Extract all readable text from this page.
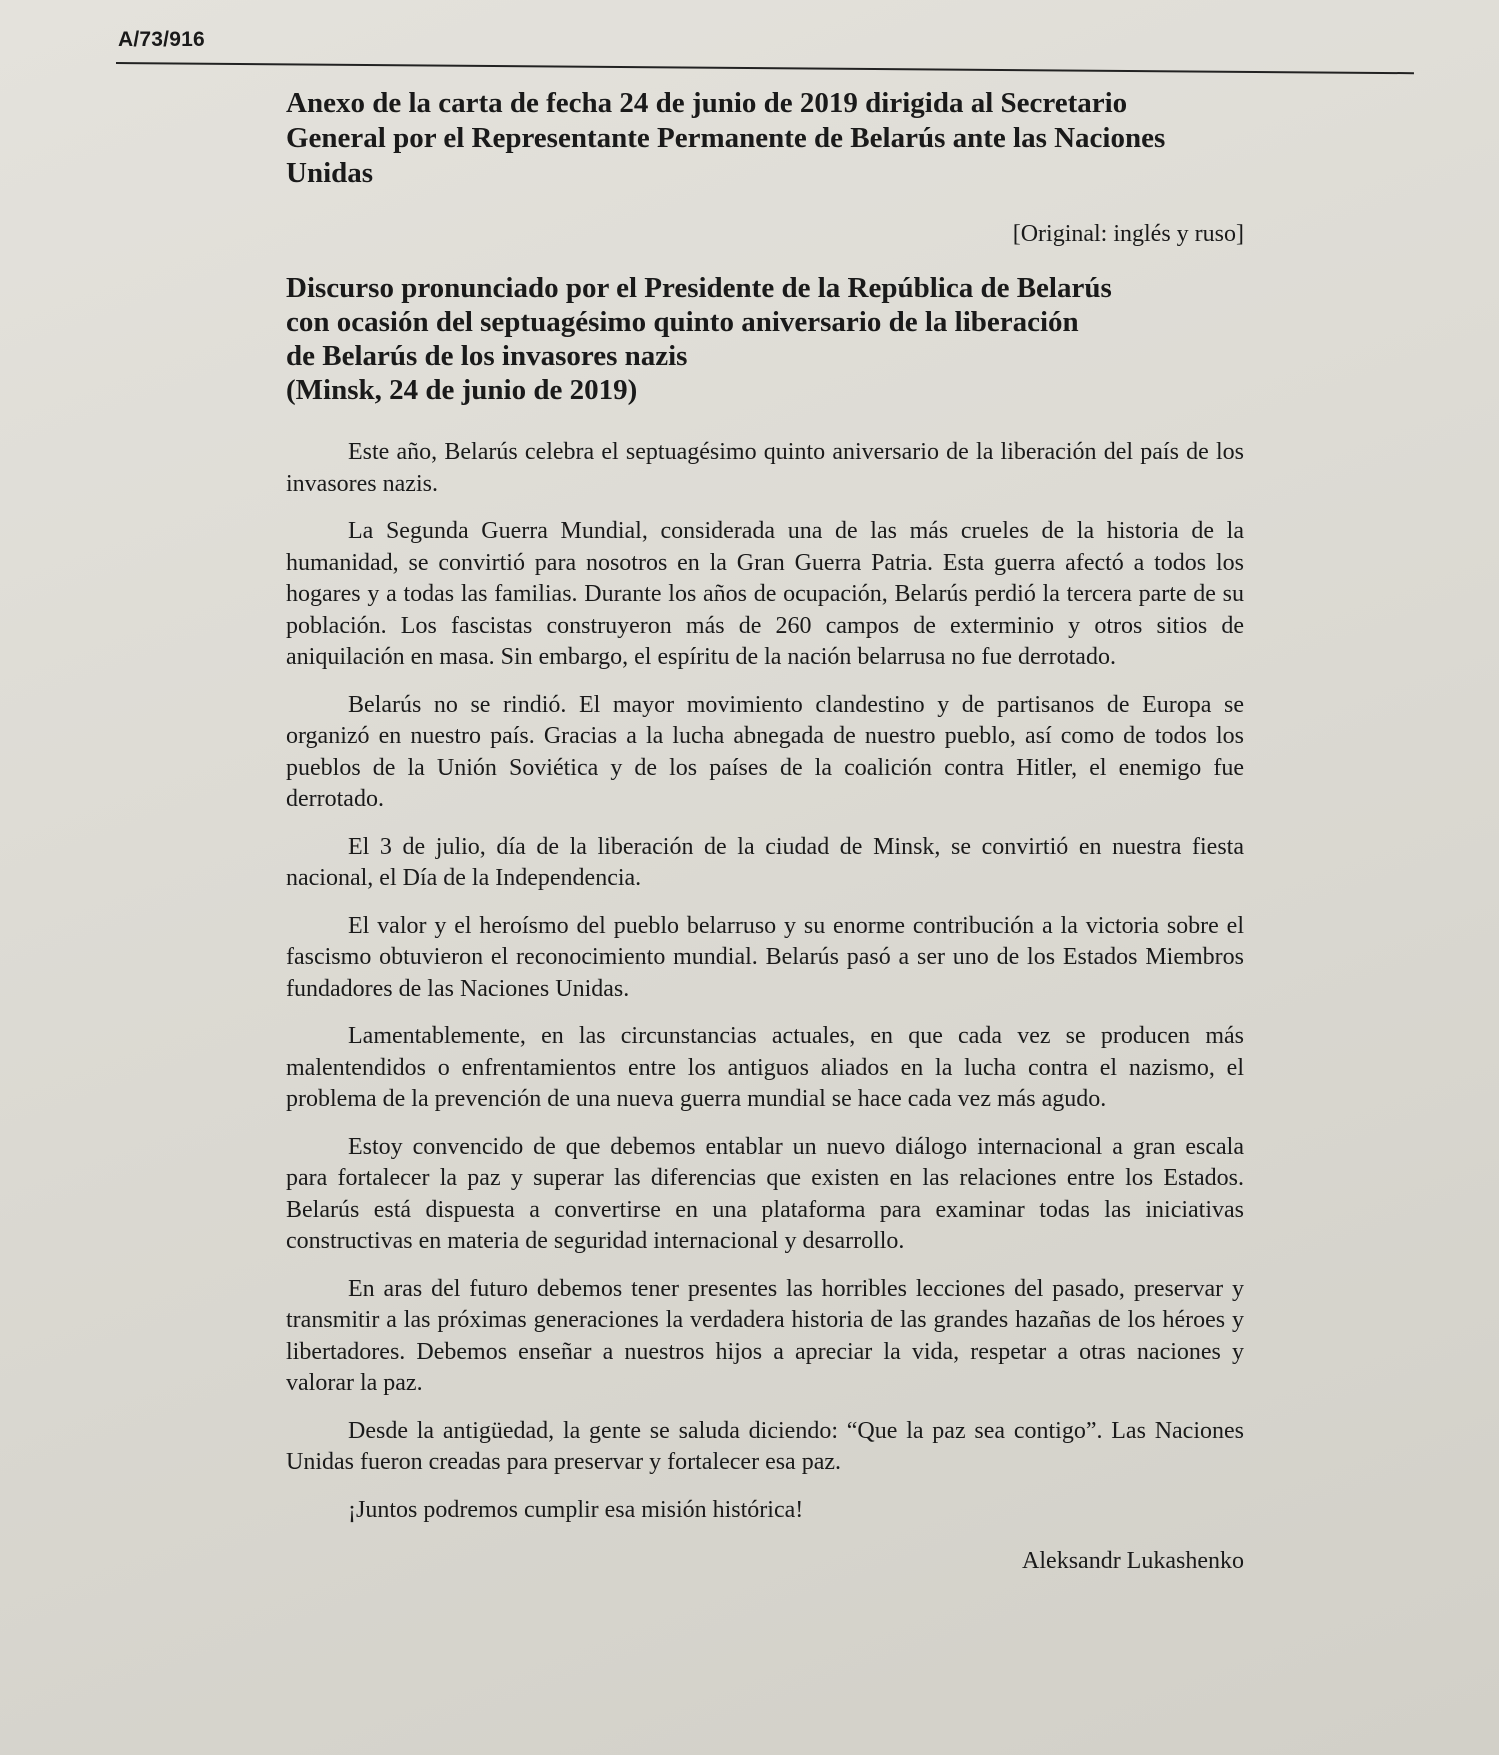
A/73/916
Anexo de la carta de fecha 24 de junio de 2019 dirigida al Secretario General por el Representante Permanente de Belarús ante las Naciones Unidas

[Original: inglés y ruso]

Discurso pronunciado por el Presidente de la República de Belarús
con ocasión del septuagésimo quinto aniversario de la liberación
de Belarús de los invasores nazis
(Minsk, 24 de junio de 2019)

Este año, Belarús celebra el septuagésimo quinto aniversario de la liberación del país de los invasores nazis.

La Segunda Guerra Mundial, considerada una de las más crueles de la historia de la humanidad, se convirtió para nosotros en la Gran Guerra Patria. Esta guerra afectó a todos los hogares y a todas las familias. Durante los años de ocupación, Belarús perdió la tercera parte de su población. Los fascistas construyeron más de 260 campos de exterminio y otros sitios de aniquilación en masa. Sin embargo, el espíritu de la nación belarrusa no fue derrotado.

Belarús no se rindió. El mayor movimiento clandestino y de partisanos de Europa se organizó en nuestro país. Gracias a la lucha abnegada de nuestro pueblo, así como de todos los pueblos de la Unión Soviética y de los países de la coalición contra Hitler, el enemigo fue derrotado.

El 3 de julio, día de la liberación de la ciudad de Minsk, se convirtió en nuestra fiesta nacional, el Día de la Independencia.

El valor y el heroísmo del pueblo belarruso y su enorme contribución a la victoria sobre el fascismo obtuvieron el reconocimiento mundial. Belarús pasó a ser uno de los Estados Miembros fundadores de las Naciones Unidas.

Lamentablemente, en las circunstancias actuales, en que cada vez se producen más malentendidos o enfrentamientos entre los antiguos aliados en la lucha contra el nazismo, el problema de la prevención de una nueva guerra mundial se hace cada vez más agudo.

Estoy convencido de que debemos entablar un nuevo diálogo internacional a gran escala para fortalecer la paz y superar las diferencias que existen en las relaciones entre los Estados. Belarús está dispuesta a convertirse en una plataforma para examinar todas las iniciativas constructivas en materia de seguridad internacional y desarrollo.

En aras del futuro debemos tener presentes las horribles lecciones del pasado, preservar y transmitir a las próximas generaciones la verdadera historia de las grandes hazañas de los héroes y libertadores. Debemos enseñar a nuestros hijos a apreciar la vida, respetar a otras naciones y valorar la paz.

Desde la antigüedad, la gente se saluda diciendo: “Que la paz sea contigo”. Las Naciones Unidas fueron creadas para preservar y fortalecer esa paz.

¡Juntos podremos cumplir esa misión histórica!

Aleksandr Lukashenko
